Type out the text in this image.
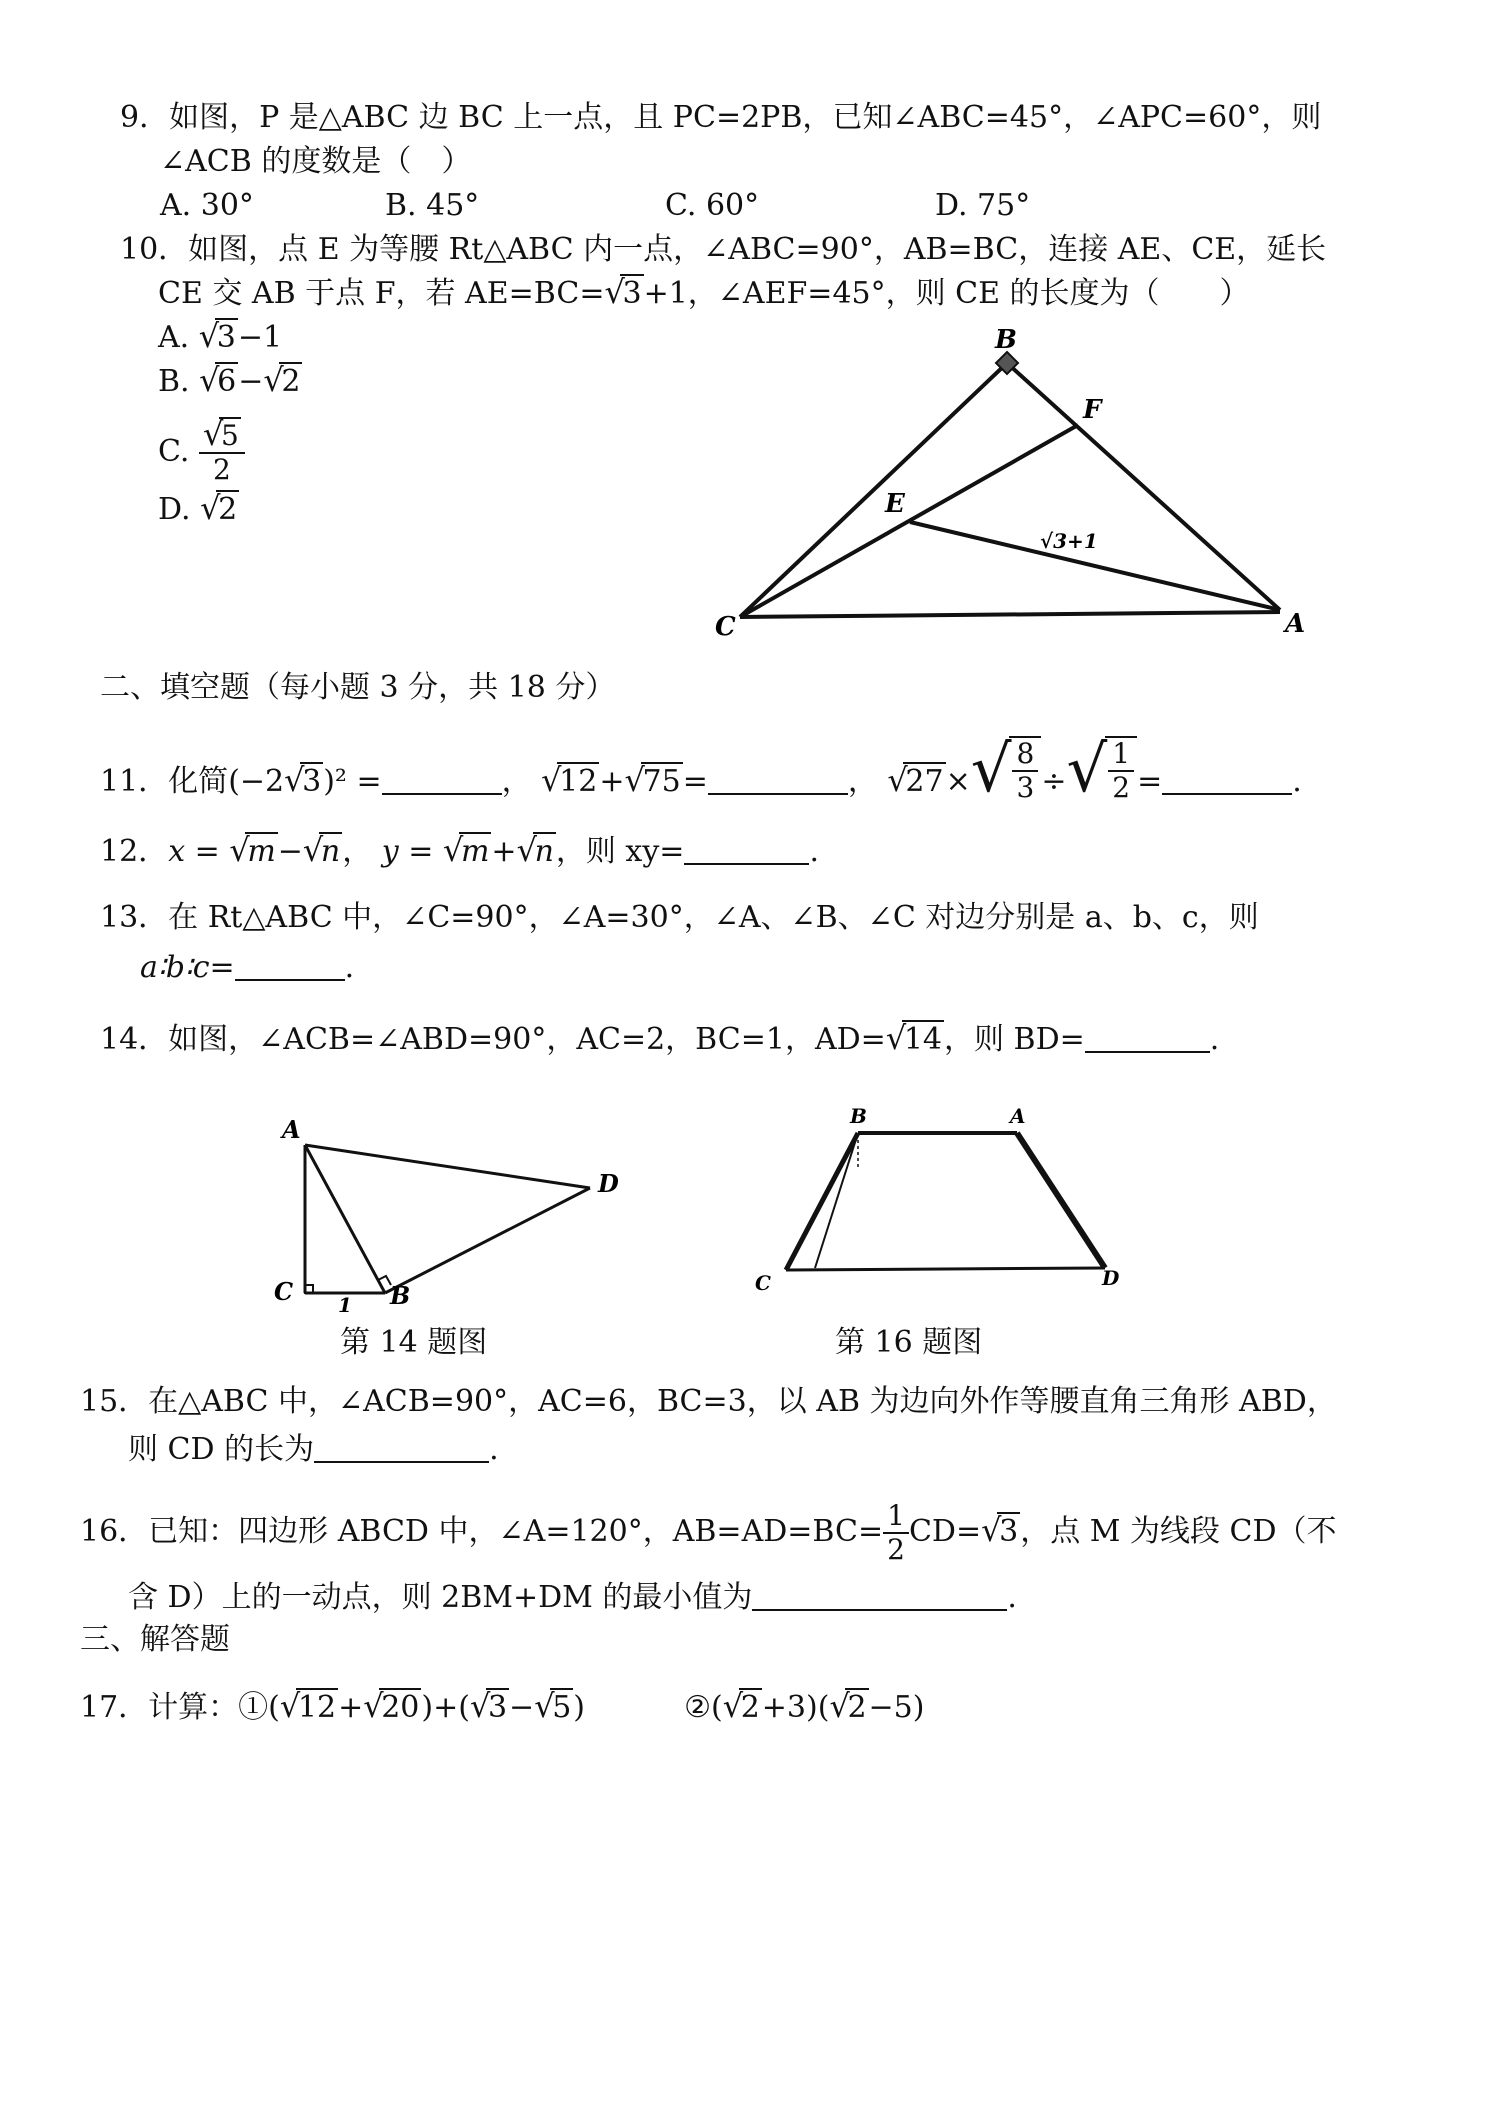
9．如图，P 是△ABC 边 BC 上一点，且 PC=2PB，已知∠ABC=45°，∠APC=60°，则
∠ACB 的度数是（　）
A. 30°	B. 45°	C. 60°	D. 75°
10．如图，点 E 为等腰 Rt△ABC 内一点，∠ABC=90°，AB=BC，连接 AE、CE，延长
CE 交 AB 于点 F，若 AE=BC= √
3+1，∠AEF=45°，则 CE 的长度为（　　）
A. √
3−1
B. √
6− √
2
C. √
5
2
D. √
2
B
F
E
C	A
√3+1
二、填空题（每小题 3 分，共 18 分）
11．化简(−2 √
3)² =	， √
12+ √
75=	， √
27× √
$\frac{8}{3}$ ÷ √
$\frac{1}{2}$ =	.
12．x = √
m− √
n， y = √
m+ √
n，则 xy=	.
13．在 Rt△ABC 中，∠C=90°，∠A=30°，∠A、∠B、∠C 对边分别是 a、b、c，则
a∶b∶c=	.
14．如图，∠ACB=∠ABD=90°，AC=2，BC=1，AD= √
14，则 BD=	.
A
D
C	B
1
第 14 题图
B	A
C	D
第 16 题图
15．在△ABC 中，∠ACB=90°，AC=6，BC=3，以 AB 为边向外作等腰直角三角形 ABD，
则 CD 的长为	.
16．已知：四边形 ABCD 中，∠A=120°，$AB=AD=BC= \frac{1}{2} CD=$ √
3，点 M 为线段 CD（不
含 D）上的一动点，则 2BM+DM 的最小值为	.
三、解答题
17．计算：①( √
12+ √
20)+( √
3− √
5)	②( √
2+3)( √
2−5)
